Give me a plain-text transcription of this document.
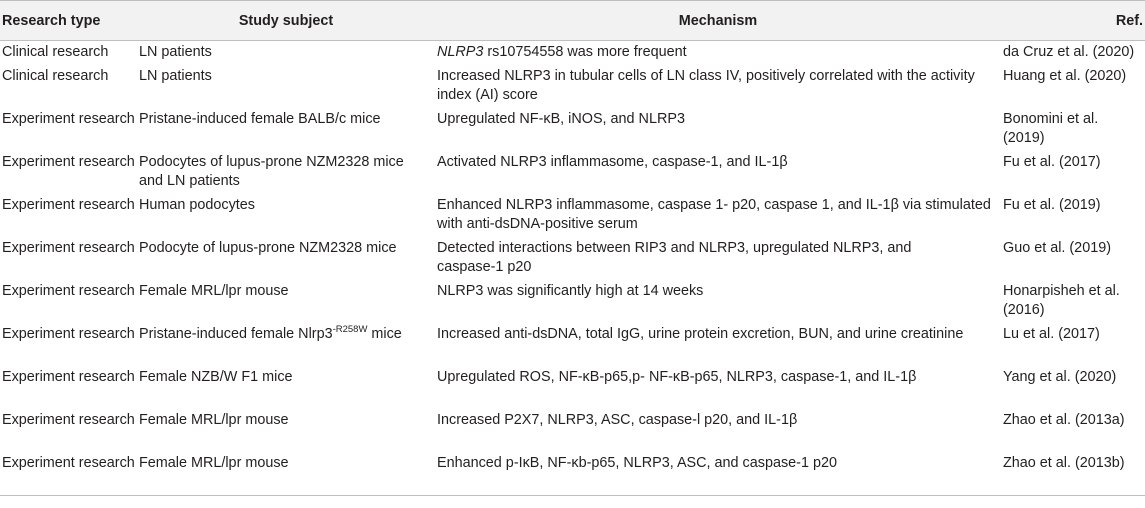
Research type	Study subject	Mechanism	Ref.
Clinical research	LN patients	NLRP3 rs10754558 was more frequent	da Cruz et al. (2020)
Clinical research	LN patients	Increased NLRP3 in tubular cells of LN class IV, positively correlated with the activity index (AI) score	Huang et al. (2020)
Experiment research	Pristane-induced female BALB/c mice	Upregulated NF-κB, iNOS, and NLRP3	Bonomini et al. (2019)
Experiment research	Podocytes of lupus-prone NZM2328 mice and LN patients	Activated NLRP3 inflammasome, caspase-1, and IL-1β	Fu et al. (2017)
Experiment research	Human podocytes	Enhanced NLRP3 inflammasome, caspase 1- p20, caspase 1, and IL-1β via stimulated with anti-dsDNA-positive serum	Fu et al. (2019)
Experiment research	Podocyte of lupus-prone NZM2328 mice	Detected interactions between RIP3 and NLRP3, upregulated NLRP3, and caspase-1 p20	Guo et al. (2019)
Experiment research	Female MRL/lpr mouse	NLRP3 was significantly high at 14 weeks	Honarpisheh et al. (2016)
Experiment research	Pristane-induced female $Nlrp3^{-R258W}$ mice	Increased anti-dsDNA, total IgG, urine protein excretion, BUN, and urine creatinine	Lu et al. (2017)
Experiment research	Female NZB/W F1 mice	Upregulated ROS, NF-κB-p65,p- NF-κB-p65, NLRP3, caspase-1, and IL-1β	Yang et al. (2020)
Experiment research	Female MRL/lpr mouse	Increased P2X7, NLRP3, ASC, caspase-l p20, and IL-1β	Zhao et al. (2013a)
Experiment research	Female MRL/lpr mouse	Enhanced p-IκB, NF-κb-p65, NLRP3, ASC, and caspase-1 p20	Zhao et al. (2013b)
